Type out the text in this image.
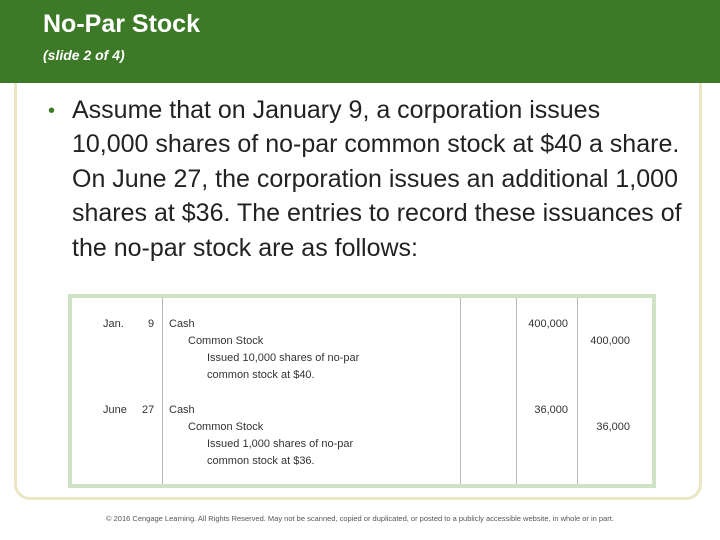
No-Par Stock
(slide 2 of 4)
• Assume that on January 9, a corporation issues 10,000 shares of no-par common stock at $40 a share. On June 27, the corporation issues an additional 1,000 shares at $36. The entries to record these issuances of the no-par stock are as follows:
Jan. 9 Cash
Common Stock
Issued 10,000 shares of no-par
common stock at $40.
400,000
400,000
June 27 Cash
Common Stock
Issued 1,000 shares of no-par
common stock at $36.
36,000
36,000
© 2016 Cengage Learning. All Rights Reserved. May not be scanned, copied or duplicated, or posted to a publicly accessible website, in whole or in part.
